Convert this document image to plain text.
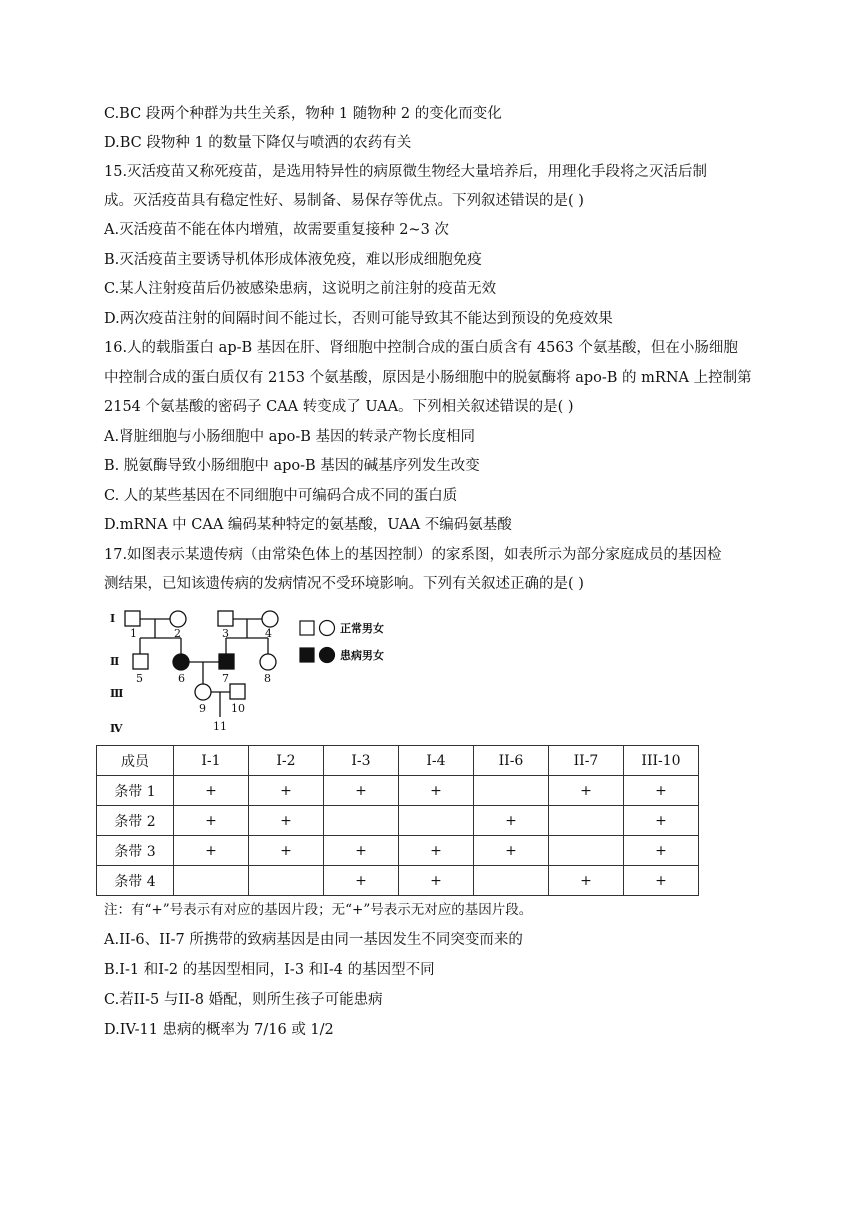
C.BC 段两个种群为共生关系，物种 1 随物种 2 的变化而变化
D.BC 段物种 1 的数量下降仅与喷洒的农药有关
15.灭活疫苗又称死疫苗，是选用特异性的病原微生物经大量培养后，用理化手段将之灭活后制
成。灭活疫苗具有稳定性好、易制备、易保存等优点。下列叙述错误的是( )
A.灭活疫苗不能在体内增殖，故需要重复接种 2~3 次
B.灭活疫苗主要诱导机体形成体液免疫，难以形成细胞免疫
C.某人注射疫苗后仍被感染患病，这说明之前注射的疫苗无效
D.两次疫苗注射的间隔时间不能过长，否则可能导致其不能达到预设的免疫效果
16.人的载脂蛋白 ap-B 基因在肝、肾细胞中控制合成的蛋白质含有 4563 个氨基酸，但在小肠细胞
中控制合成的蛋白质仅有 2153 个氨基酸，原因是小肠细胞中的脱氨酶将 apo-B 的 mRNA 上控制第
2154 个氨基酸的密码子 CAA 转变成了 UAA。下列相关叙述错误的是( )
A.肾脏细胞与小肠细胞中 apo-B 基因的转录产物长度相同
B. 脱氨酶导致小肠细胞中 apo-B 基因的碱基序列发生改变
C. 人的某些基因在不同细胞中可编码合成不同的蛋白质
D.mRNA 中 CAA 编码某种特定的氨基酸，UAA 不编码氨基酸
17.如图表示某遗传病（由常染色体上的基因控制）的家系图，如表所示为部分家庭成员的基因检
测结果，已知该遗传病的发病情况不受环境影响。下列有关叙述正确的是( )
Ⅰ
Ⅱ
Ⅲ
Ⅳ
1	2	3	4
5	6	7	8
9 10
11
正常男女
患病男女
成员	I-1	I-2	I-3	I-4	II-6	II-7	III-10
条带 1	+	+	+	+		+	+
条带 2	+	+			+		+
条带 3	+	+	+	+	+		+
条带 4			+	+		+	+
注：有“+”号表示有对应的基因片段；无“+”号表示无对应的基因片段。
A.II-6、II-7 所携带的致病基因是由同一基因发生不同突变而来的
B.I-1 和I-2 的基因型相同，I-3 和I-4 的基因型不同
C.若II-5 与II-8 婚配，则所生孩子可能患病
D.IV-11 患病的概率为 7/16 或 1/2
